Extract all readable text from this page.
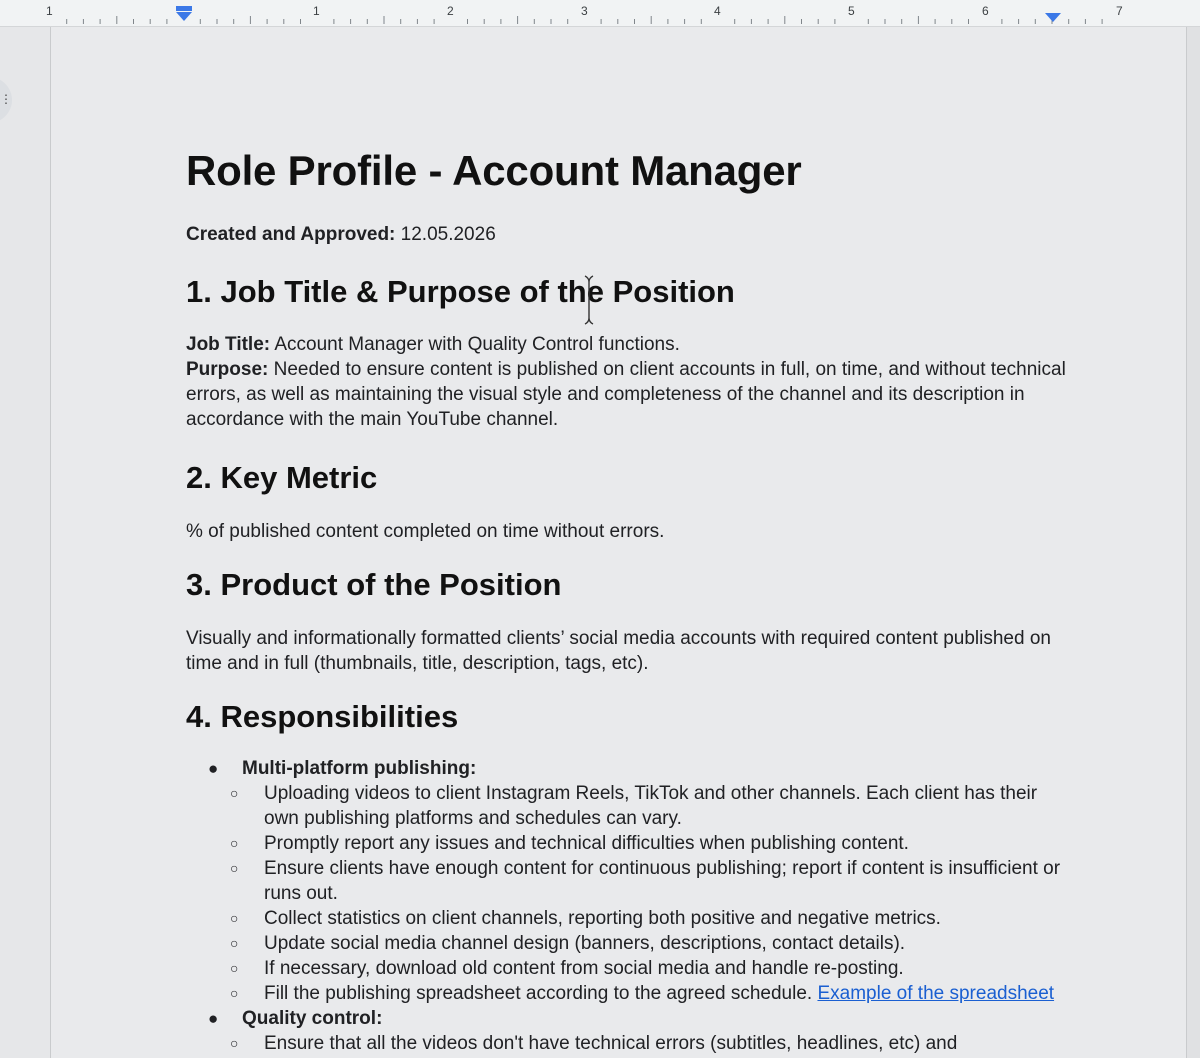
1	1	2	3	4	5	6	7
⋮
Role Profile - Account Manager
Created and Approved: 12.05.2026
1. Job Title & Purpose of the Position

Job Title: Account Manager with Quality Control functions.

Purpose: Needed to ensure content is published on client accounts in full, on time, and without technical errors, as well as maintaining the visual style and completeness of the channel and its description in accordance with the main YouTube channel.

2. Key Metric

% of published content completed on time without errors.

3. Product of the Position

Visually and informationally formatted clients’ social media accounts with required content published on time and in full (thumbnails, title, description, tags, etc).

4. Responsibilities
●	Multi-platform publishing:
○	Uploading videos to client Instagram Reels, TikTok and other channels. Each client has their own publishing platforms and schedules can vary.
○	Promptly report any issues and technical difficulties when publishing content.
○	Ensure clients have enough content for continuous publishing; report if content is insufficient or runs out.
○	Collect statistics on client channels, reporting both positive and negative metrics.
○	Update social media channel design (banners, descriptions, contact details).
○	If necessary, download old content from social media and handle re-posting.
○	Fill the publishing spreadsheet according to the agreed schedule. Example of the spreadsheet
●	Quality control:
○	Ensure that all the videos don't have technical errors (subtitles, headlines, etc) and
